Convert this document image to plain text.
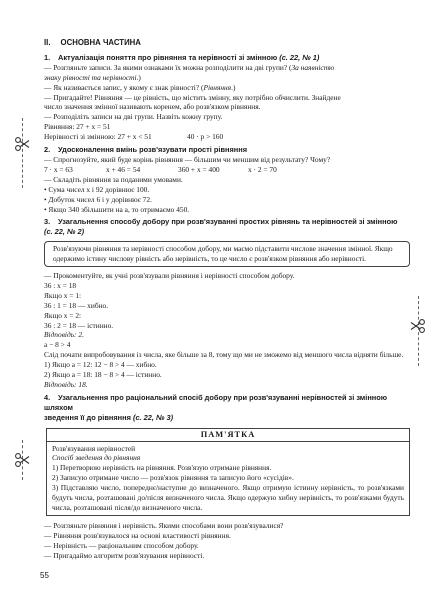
II. ОСНОВНА ЧАСТИНА
1. Актуалізація поняття про рівняння та нерівності зі змінною (с. 22, № 1)
— Розгляньте записи. За якими ознаками їх можна розподілити на дві групи? (За наявністю
знаку рівності та нерівності.)
— Як називається запис, у якому є знак рівності? (Рівняння.)
— Пригадайте! Рівняння — це рівність, що містить змінну, яку потрібно обчислити. Знайдене
число значення змінної називають коренем, або розв'язком рівняння.
— Розподіліть записи на дві групи. Назвіть кожну групу.
Рівняння: 27 + x = 51
Нерівності зі змінною: 27 + x < 51	40 · p > 160
2. Удосконалення вмінь розв'язувати прості рівняння
— Спрогнозуйте, який буде корінь рівняння — більшим чи меншим від результату? Чому?
7 · x = 63	x + 46 = 54	360 + x = 400	x · 2 = 70
— Складіть рівняння за поданими умовами.
• Сума чисел x і 92 дорівнює 100.
• Добуток чисел 6 і y дорівнює 72.
• Якщо 340 збільшити на a, то отримаємо 450.
3. Узагальнення способу добору при розв'язуванні простих рівнянь та нерівностей зі змінною
(с. 22, № 2)
Розв'язуючи рівняння та нерівності способом добору, ми маємо підставити числове значення змінної. Якщо одержимо істину числову рівність або нерівність, то це число є розв'язком рівняння або нерівності.
— Прокоментуйте, як учні розв'язували рівняння і нерівності способом добору.
36 : x = 18
Якщо x = 1:
36 : 1 = 18 — хибно.
Якщо x = 2:
36 : 2 = 18 — істинно.
Відповідь: 2.
a − 8 > 4
Слід почати випробовування із числа, яке більше за 8, тому що ми не зможемо від меншого числа відняти більше.
1) Якщо a = 12: 12 − 8 > 4 — хибно.
2) Якщо a = 18: 18 − 8 > 4 — істинно.
Відповідь: 18.
4. Узагальнення про раціональний спосіб добору при розв'язуванні нерівностей зі змінною шляхом
зведення її до рівняння (с. 22, № 3)
ПАМ'ЯТКА
Розв'язування нерівностей
Спосіб зведення до рівняння
1) Перетворюю нерівність на рівняння. Розв'язую отримане рівняння.
2) Записую отримане число — розв'язок рівняння та записую його «сусідів».
3) Підставляю число, попереднє/наступне до визначеного. Якщо отримую істинну нерівність, то розв'язками будуть числа, розташовані до/після визначеного числа. Якщо одержую хибну нерівність, то розв'язками будуть числа, розташовані після/до визначеного числа.
— Розгляньте рівняння і нерівність. Якими способами вони розв'язувалися?
— Рівняння розв'язувалося на основі властивості рівняння.
— Нерівність — раціональним способом добору.
— Пригадаймо алгоритм розв'язування нерівності.
55
